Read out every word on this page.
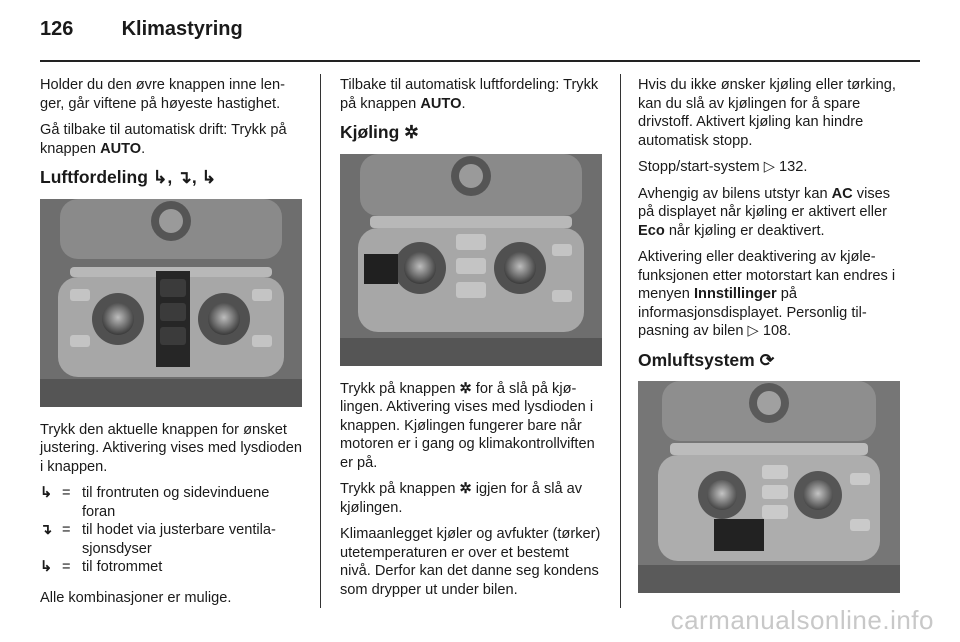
126 Klimastyring

Holder du den øvre knappen inne lenger, går viftene på høyeste hastighet.

Gå tilbake til automatisk drift: Trykk på knappen AUTO.

Luftfordeling ↳, ↴, ↳

Trykk den aktuelle knappen for ønsket justering. Aktivering vises med lysdioden i knappen.

↳ = til frontruten og sidevinduene foran
↴ = til hodet via justerbare ventilasjonsdyser
↳ = til fotrommet

Alle kombinasjoner er mulige.

Tilbake til automatisk luftfordeling: Trykk på knappen AUTO.

Kjøling ✲

Trykk på knappen ✲ for å slå på kjølingen. Aktivering vises med lysdioden i knappen. Kjølingen fungerer bare når motoren er i gang og klimakontrollviften er på.

Trykk på knappen ✲ igjen for å slå av kjølingen.

Klimaanlegget kjøler og avfukter (tørker) utetemperaturen er over et bestemt nivå. Derfor kan det danne seg kondens som drypper ut under bilen.

Hvis du ikke ønsker kjøling eller tørking, kan du slå av kjølingen for å spare drivstoff. Aktivert kjøling kan hindre automatisk stopp.

Stopp/start-system ▷ 132.

Avhengig av bilens utstyr kan AC vises på displayet når kjøling er aktivert eller Eco når kjøling er deaktivert.

Aktivering eller deaktivering av kjølefunksjonen etter motorstart kan endres i menyen Innstillinger på informasjonsdisplayet. Personlig tilpasning av bilen ▷ 108.

Omluftsystem ⟳
carmanualsonline.info
